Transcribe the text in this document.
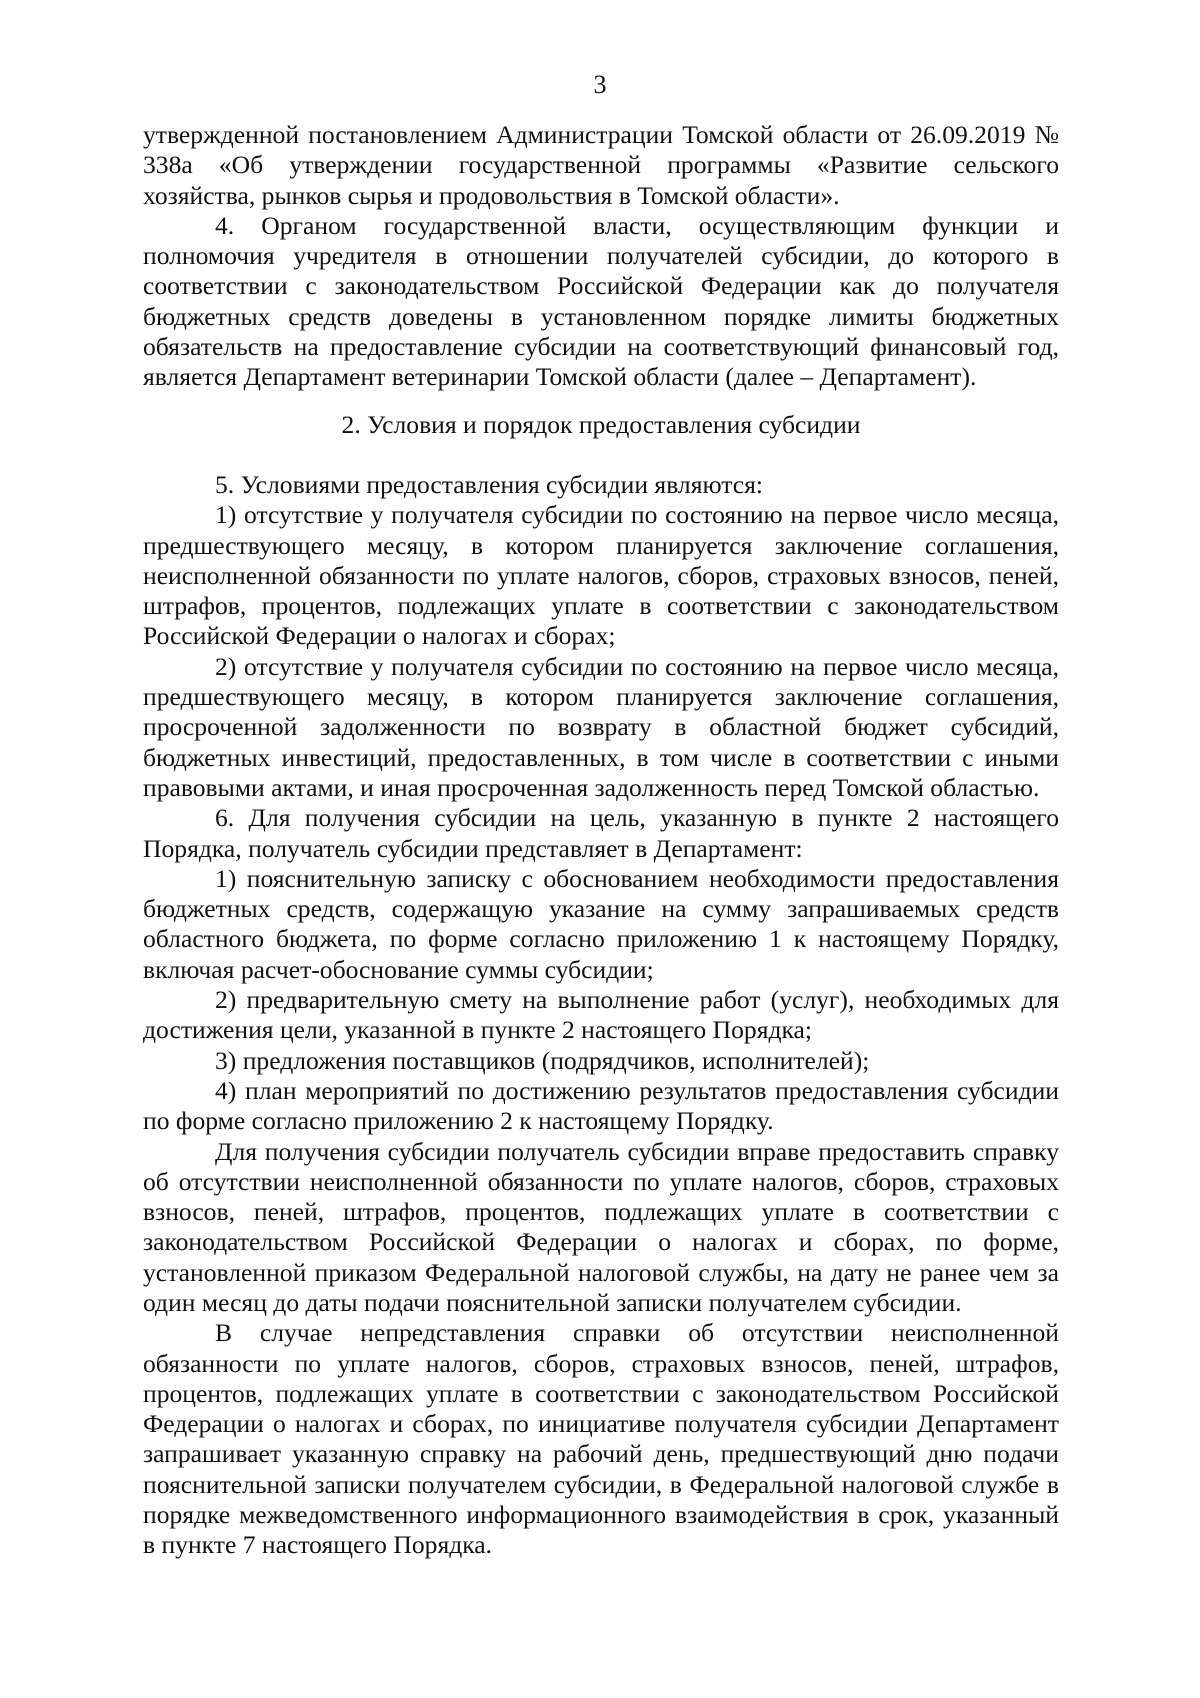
3

утвержденной постановлением Администрации Томской области от 26.09.2019 № 338а «Об утверждении государственной программы «Развитие сельского хозяйства, рынков сырья и продовольствия в Томской области».

4. Органом государственной власти, осуществляющим функции и полномочия учредителя в отношении получателей субсидии, до которого в соответствии с законодательством Российской Федерации как до получателя бюджетных средств доведены в установленном порядке лимиты бюджетных обязательств на предоставление субсидии на соответствующий финансовый год, является Департамент ветеринарии Томской области (далее – Департамент).

2. Условия и порядок предоставления субсидии

5. Условиями предоставления субсидии являются:

1) отсутствие у получателя субсидии по состоянию на первое число месяца, предшествующего месяцу, в котором планируется заключение соглашения, неисполненной обязанности по уплате налогов, сборов, страховых взносов, пеней, штрафов, процентов, подлежащих уплате в соответствии с законодательством Российской Федерации о налогах и сборах;

2) отсутствие у получателя субсидии по состоянию на первое число месяца, предшествующего месяцу, в котором планируется заключение соглашения, просроченной задолженности по возврату в областной бюджет субсидий, бюджетных инвестиций, предоставленных, в том числе в соответствии с иными правовыми актами, и иная просроченная задолженность перед Томской областью.

6. Для получения субсидии на цель, указанную в пункте 2 настоящего Порядка, получатель субсидии представляет в Департамент:

1) пояснительную записку с обоснованием необходимости предоставления бюджетных средств, содержащую указание на сумму запрашиваемых средств областного бюджета, по форме согласно приложению 1 к настоящему Порядку, включая расчет-обоснование суммы субсидии;

2) предварительную смету на выполнение работ (услуг), необходимых для достижения цели, указанной в пункте 2 настоящего Порядка;

3) предложения поставщиков (подрядчиков, исполнителей);

4) план мероприятий по достижению результатов предоставления субсидии по форме согласно приложению 2 к настоящему Порядку.

Для получения субсидии получатель субсидии вправе предоставить справку об отсутствии неисполненной обязанности по уплате налогов, сборов, страховых взносов, пеней, штрафов, процентов, подлежащих уплате в соответствии с законодательством Российской Федерации о налогах и сборах, по форме, установленной приказом Федеральной налоговой службы, на дату не ранее чем за один месяц до даты подачи пояснительной записки получателем субсидии.

В случае непредставления справки об отсутствии неисполненной обязанности по уплате налогов, сборов, страховых взносов, пеней, штрафов, процентов, подлежащих уплате в соответствии с законодательством Российской Федерации о налогах и сборах, по инициативе получателя субсидии Департамент запрашивает указанную справку на рабочий день, предшествующий дню подачи пояснительной записки получателем субсидии, в Федеральной налоговой службе в порядке межведомственного информационного взаимодействия в срок, указанный в пункте 7 настоящего Порядка.
